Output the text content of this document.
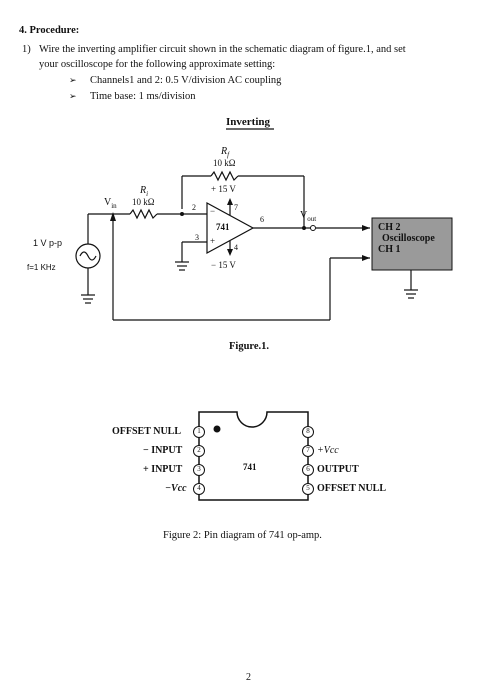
4. Procedure:
1) Wire the inverting amplifier circuit shown in the schematic diagram of figure.1, and set
your oscilloscope for the following approximate setting:
➢ Channels1 and 2: 0.5 V/division AC coupling
➢ Time base: 1 ms/division
Inverting
$R_f$
10 kΩ
$R_i$
10 kΩ
$V_{in}$
+ 15 V
− 15 V
741
2
3
7
4
6
−
+
$V_{out}$
1 V p-p
f=1 KHz
CH 2
Oscilloscope
CH 1
Figure.1.
OFFSET NULL
− INPUT
+ INPUT
−Vcc
1
2
3
4
8
7
6
5
741
+Vcc
OUTPUT
OFFSET NULL
Figure 2: Pin diagram of 741 op-amp.
2
